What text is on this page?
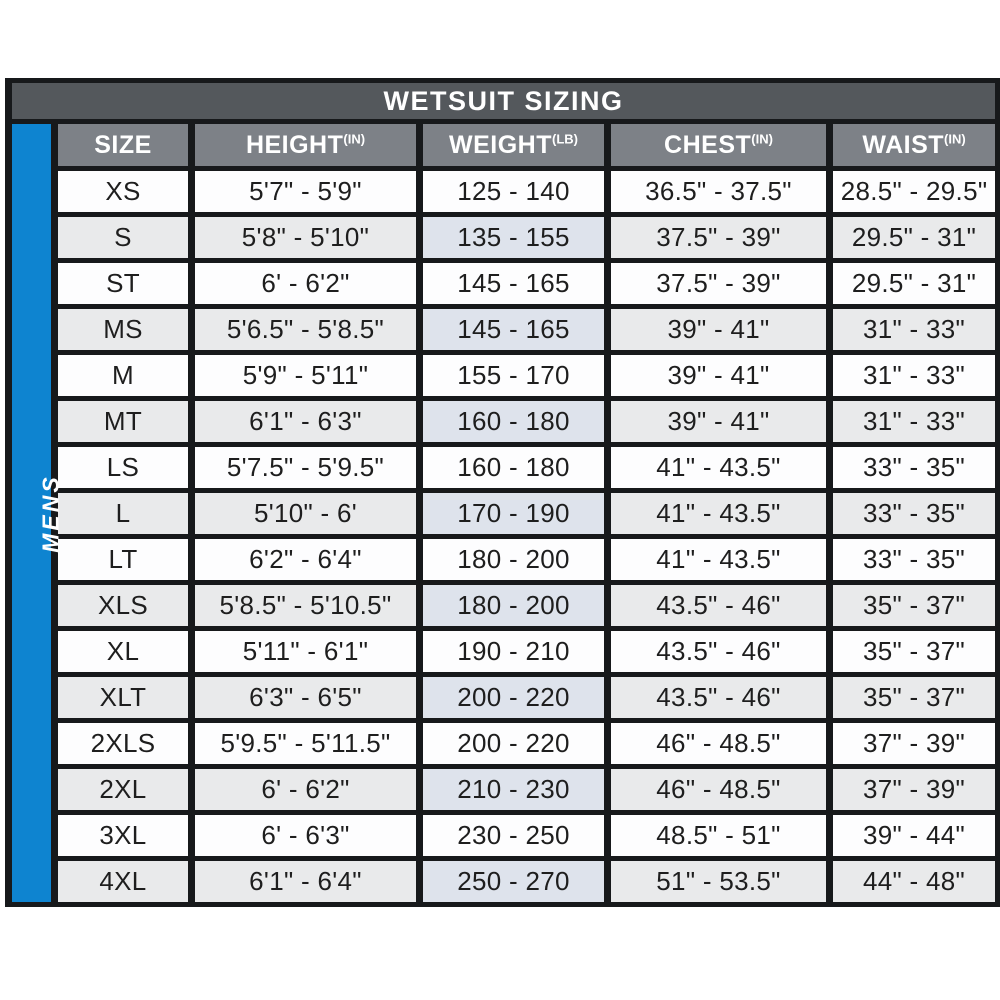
WETSUIT SIZING					
MENS	SIZE	$HEIGHT^{(IN)}$	$WEIGHT^{(LB)}$	$CHEST^{(IN)}$	$WAIST^{(IN)}$
	XS	5'7" - 5'9"	125 - 140	36.5" - 37.5"	28.5" - 29.5"
	S	5'8" - 5'10"	135 - 155	37.5" - 39"	29.5" - 31"
	ST	6' - 6'2"	145 - 165	37.5" - 39"	29.5" - 31"
	MS	5'6.5" - 5'8.5"	145 - 165	39" - 41"	31" - 33"
	M	5'9" - 5'11"	155 - 170	39" - 41"	31" - 33"
	MT	6'1" - 6'3"	160 - 180	39" - 41"	31" - 33"
	LS	5'7.5" - 5'9.5"	160 - 180	41" - 43.5"	33" - 35"
	L	5'10" - 6'	170 - 190	41" - 43.5"	33" - 35"
	LT	6'2" - 6'4"	180 - 200	41" - 43.5"	33" - 35"
	XLS	5'8.5" - 5'10.5"	180 - 200	43.5" - 46"	35" - 37"
	XL	5'11" - 6'1"	190 - 210	43.5" - 46"	35" - 37"
	XLT	6'3" - 6'5"	200 - 220	43.5" - 46"	35" - 37"
	2XLS	5'9.5" - 5'11.5"	200 - 220	46" - 48.5"	37" - 39"
	2XL	6' - 6'2"	210 - 230	46" - 48.5"	37" - 39"
	3XL	6' - 6'3"	230 - 250	48.5" - 51"	39" - 44"
	4XL	6'1" - 6'4"	250 - 270	51" - 53.5"	44" - 48"
